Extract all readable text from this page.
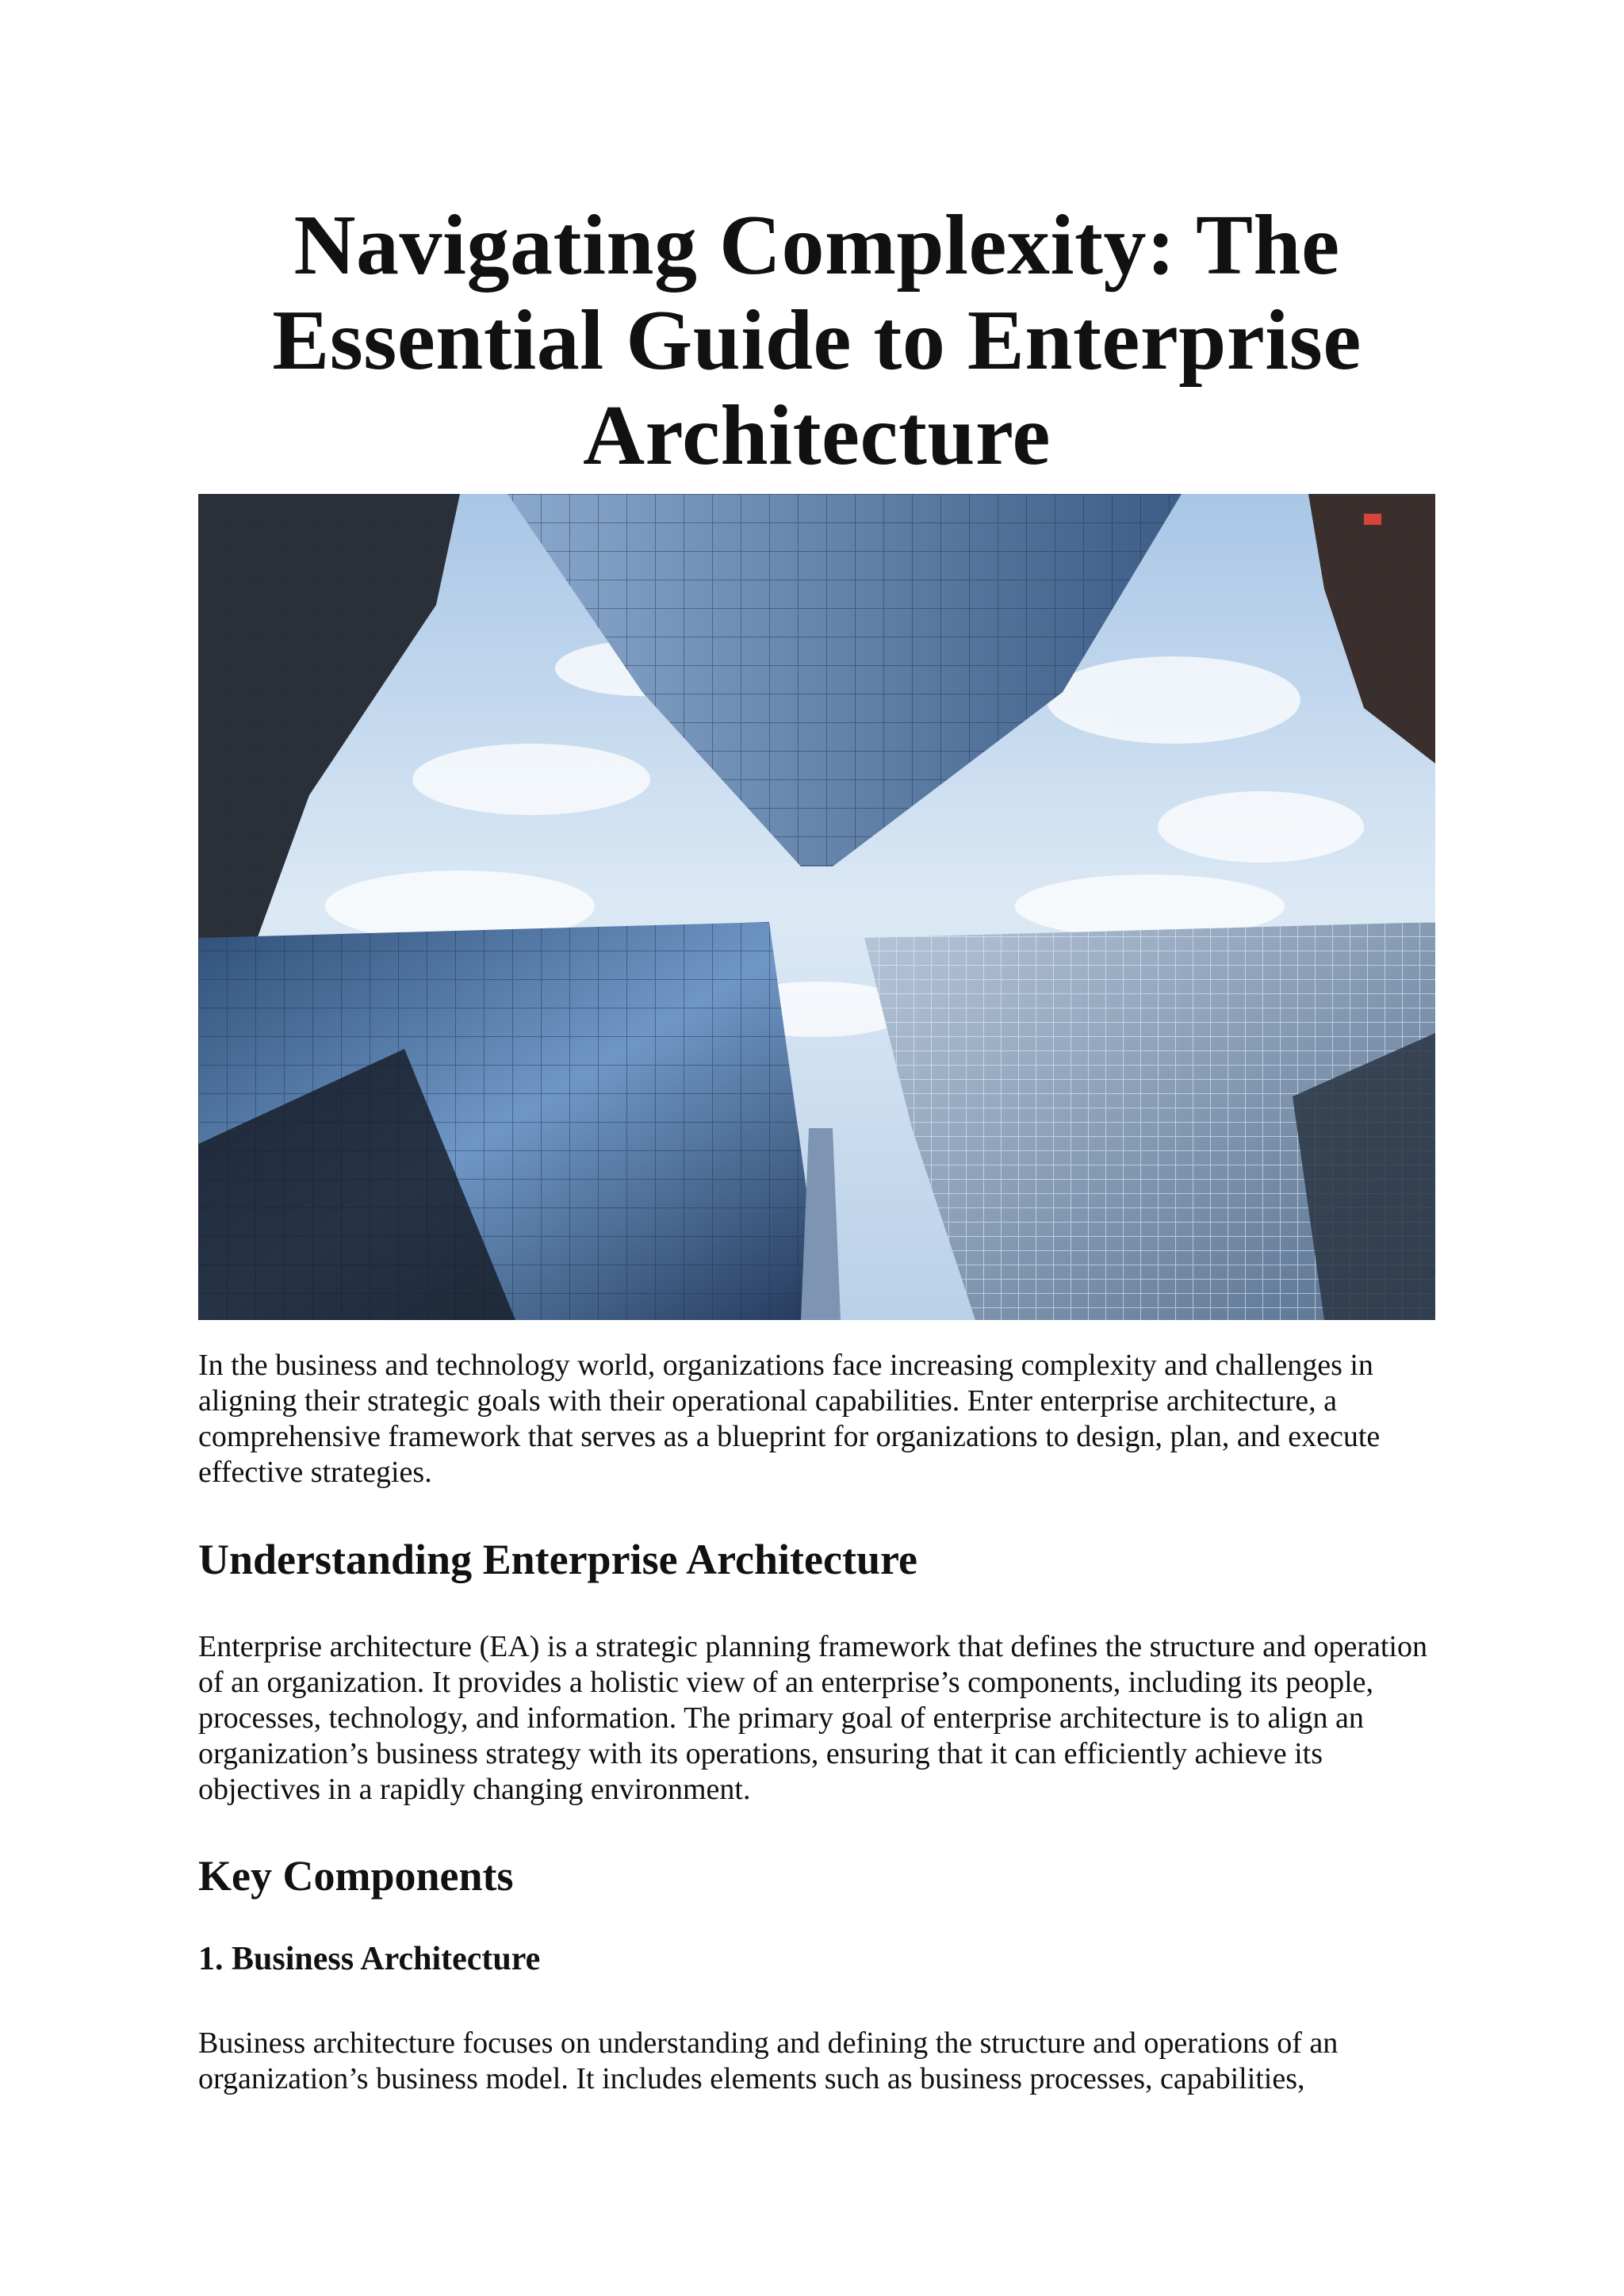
Navigating Complexity: The Essential Guide to Enterprise Architecture

In the business and technology world, organizations face increasing complexity and challenges in aligning their strategic goals with their operational capabilities. Enter enterprise architecture, a comprehensive framework that serves as a blueprint for organizations to design, plan, and execute effective strategies.

Understanding Enterprise Architecture

Enterprise architecture (EA) is a strategic planning framework that defines the structure and operation of an organization. It provides a holistic view of an enterprise’s components, including its people, processes, technology, and information. The primary goal of enterprise architecture is to align an organization’s business strategy with its operations, ensuring that it can efficiently achieve its objectives in a rapidly changing environment.

Key Components
1. Business Architecture

Business architecture focuses on understanding and defining the structure and operations of an organization’s business model. It includes elements such as business processes, capabilities,
